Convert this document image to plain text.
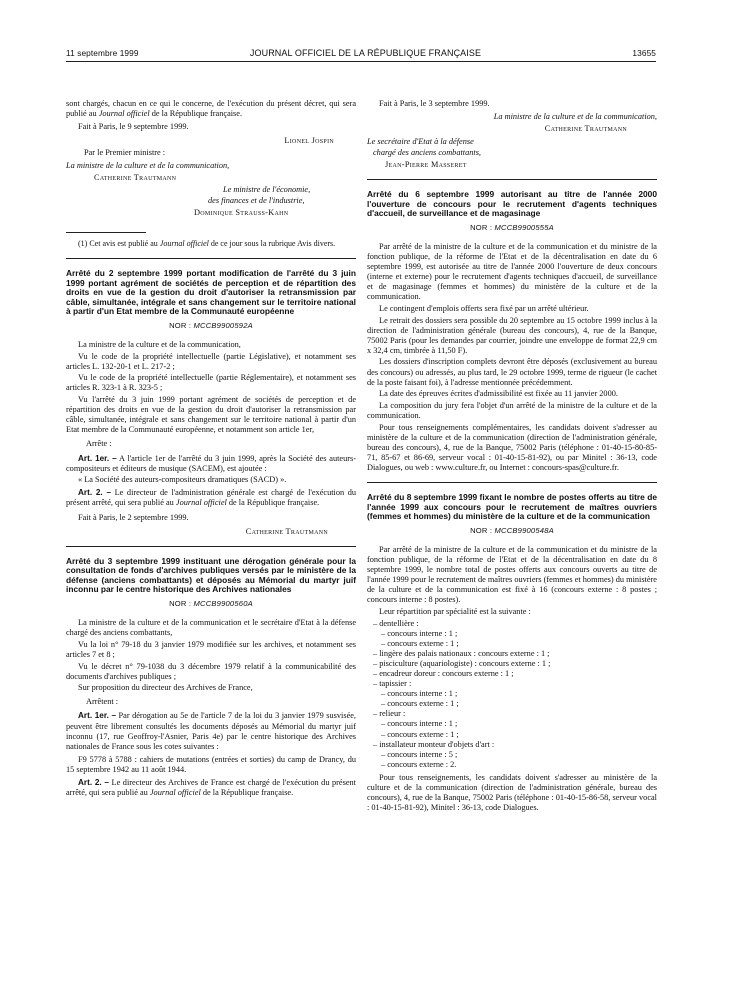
11 septembre 1999	JOURNAL OFFICIEL DE LA RÉPUBLIQUE FRANÇAISE	13655

sont chargés, chacun en ce qui le concerne, de l'exécution du présent décret, qui sera publié au Journal officiel de la République française.

Fait à Paris, le 9 septembre 1999.

Lionel Jospin

Par le Premier ministre :

La ministre de la culture et de la communication,

Catherine Trautmann

Le ministre de l'économie,

des finances et de l'industrie,

Dominique Strauss-Kahn

(1) Cet avis est publié au Journal officiel de ce jour sous la rubrique Avis divers.

Arrêté du 2 septembre 1999 portant modification de l'arrêté du 3 juin 1999 portant agrément de sociétés de perception et de répartition des droits en vue de la gestion du droit d'autoriser la retransmission par câble, simultanée, intégrale et sans changement sur le territoire national à partir d'un Etat membre de la Communauté européenne

NOR : MCCB9900592A

La ministre de la culture et de la communication,

Vu le code de la propriété intellectuelle (partie Législative), et notamment ses articles L. 132-20-1 et L. 217-2 ;

Vu le code de la propriété intellectuelle (partie Réglementaire), et notamment ses articles R. 323-1 à R. 323-5 ;

Vu l'arrêté du 3 juin 1999 portant agrément de sociétés de perception et de répartition des droits en vue de la gestion du droit d'autoriser la retransmission par câble, simultanée, intégrale et sans changement sur le territoire national à partir d'un Etat membre de la Communauté européenne, et notamment son article 1er,

Arrête :

Art. 1er. – A l'article 1er de l'arrêté du 3 juin 1999, après la Société des auteurs-compositeurs et éditeurs de musique (SACEM), est ajoutée :

« La Société des auteurs-compositeurs dramatiques (SACD) ».

Art. 2. – Le directeur de l'administration générale est chargé de l'exécution du présent arrêté, qui sera publié au Journal officiel de la République française.

Fait à Paris, le 2 septembre 1999.

Catherine Trautmann

Arrêté du 3 septembre 1999 instituant une dérogation générale pour la consultation de fonds d'archives publiques versés par le ministère de la défense (anciens combattants) et déposés au Mémorial du martyr juif inconnu par le centre historique des Archives nationales

NOR : MCCB9900560A

La ministre de la culture et de la communication et le secrétaire d'Etat à la défense chargé des anciens combattants,

Vu la loi n° 79-18 du 3 janvier 1979 modifiée sur les archives, et notamment ses articles 7 et 8 ;

Vu le décret n° 79-1038 du 3 décembre 1979 relatif à la communicabilité des documents d'archives publiques ;

Sur proposition du directeur des Archives de France,

Arrêtent :

Art. 1er. – Par dérogation au 5e de l'article 7 de la loi du 3 janvier 1979 susvisée, peuvent être librement consultés les documents déposés au Mémorial du martyr juif inconnu (17, rue Geoffroy-l'Asnier, Paris 4e) par le centre historique des Archives nationales de France sous les cotes suivantes :

F9 5778 à 5788 : cahiers de mutations (entrées et sorties) du camp de Drancy, du 15 septembre 1942 au 11 août 1944.

Art. 2. – Le directeur des Archives de France est chargé de l'exécution du présent arrêté, qui sera publié au Journal officiel de la République française.

Fait à Paris, le 3 septembre 1999.

La ministre de la culture et de la communication,

Catherine Trautmann

Le secrétaire d'Etat à la défense

chargé des anciens combattants,

Jean-Pierre Masseret

Arrêté du 6 septembre 1999 autorisant au titre de l'année 2000 l'ouverture de concours pour le recrutement d'agents techniques d'accueil, de surveillance et de magasinage

NOR : MCCB9900555A

Par arrêté de la ministre de la culture et de la communication et du ministre de la fonction publique, de la réforme de l'Etat et de la décentralisation en date du 6 septembre 1999, est autorisée au titre de l'année 2000 l'ouverture de deux concours (interne et externe) pour le recrutement d'agents techniques d'accueil, de surveillance et de magasinage (femmes et hommes) du ministère de la culture et de la communication.

Le contingent d'emplois offerts sera fixé par un arrêté ultérieur.

Le retrait des dossiers sera possible du 20 septembre au 15 octobre 1999 inclus à la direction de l'administration générale (bureau des concours), 4, rue de la Banque, 75002 Paris (pour les demandes par courrier, joindre une enveloppe de format 22,9 cm x 32,4 cm, timbrée à 11,50 F).

Les dossiers d'inscription complets devront être déposés (exclusivement au bureau des concours) ou adressés, au plus tard, le 29 octobre 1999, terme de rigueur (le cachet de la poste faisant foi), à l'adresse mentionnée précédemment.

La date des épreuves écrites d'admissibilité est fixée au 11 janvier 2000.

La composition du jury fera l'objet d'un arrêté de la ministre de la culture et de la communication.

Pour tous renseignements complémentaires, les candidats doivent s'adresser au ministère de la culture et de la communication (direction de l'administration générale, bureau des concours), 4, rue de la Banque, 75002 Paris (téléphone : 01-40-15-80-85-71, 85-67 et 86-69, serveur vocal : 01-40-15-81-92), ou par Minitel : 36-13, code Dialogues, ou web : www.culture.fr, ou Internet : concours-spas@culture.fr.

Arrêté du 8 septembre 1999 fixant le nombre de postes offerts au titre de l'année 1999 aux concours pour le recrutement de maîtres ouvriers (femmes et hommes) du ministère de la culture et de la communication

NOR : MCCB9900548A

Par arrêté de la ministre de la culture et de la communication et du ministre de la fonction publique, de la réforme de l'Etat et de la décentralisation en date du 8 septembre 1999, le nombre total de postes offerts aux concours ouverts au titre de l'année 1999 pour le recrutement de maîtres ouvriers (femmes et hommes) du ministère de la culture et de la communication est fixé à 16 (concours externe : 8 postes ; concours interne : 8 postes).

Leur répartition par spécialité est la suivante :

– dentellière :

– concours interne : 1 ;

– concours externe : 1 ;

– lingère des palais nationaux : concours externe : 1 ;

– pisciculture (aquariologiste) : concours externe : 1 ;

– encadreur doreur : concours externe : 1 ;

– tapissier :

– concours interne : 1 ;

– concours externe : 1 ;

– relieur :

– concours interne : 1 ;

– concours externe : 1 ;

– installateur monteur d'objets d'art :

– concours interne : 5 ;

– concours externe : 2.

Pour tous renseignements, les candidats doivent s'adresser au ministère de la culture et de la communication (direction de l'administration générale, bureau des concours), 4, rue de la Banque, 75002 Paris (téléphone : 01-40-15-86-58, serveur vocal : 01-40-15-81-92), Minitel : 36-13, code Dialogues.
